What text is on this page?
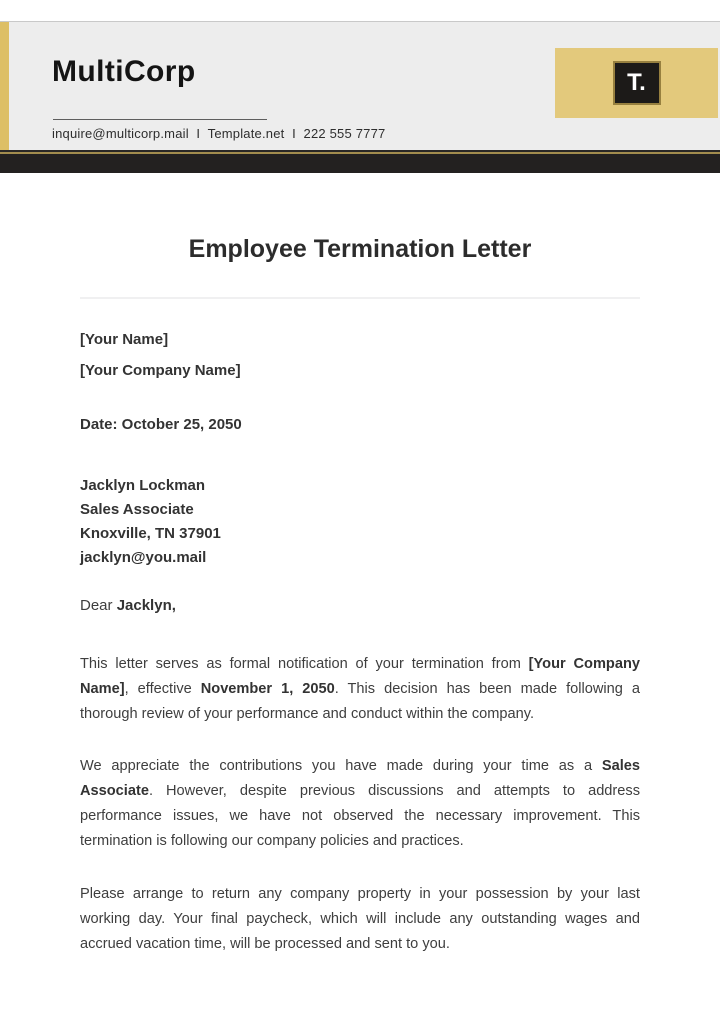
MultiCorp
inquire@multicorp.mail  I  Template.net  I  222 555 7777
T.
Employee Termination Letter

[Your Name]

[Your Company Name]

Date: October 25, 2050

Jacklyn Lockman

Sales Associate

Knoxville, TN 37901

jacklyn@you.mail

Dear Jacklyn,

This letter serves as formal notification of your termination from [Your Company Name], effective November 1, 2050. This decision has been made following a thorough review of your performance and conduct within the company.

We appreciate the contributions you have made during your time as a Sales Associate. However, despite previous discussions and attempts to address performance issues, we have not observed the necessary improvement. This termination is following our company policies and practices.

Please arrange to return any company property in your possession by your last working day. Your final paycheck, which will include any outstanding wages and accrued vacation time, will be processed and sent to you.
